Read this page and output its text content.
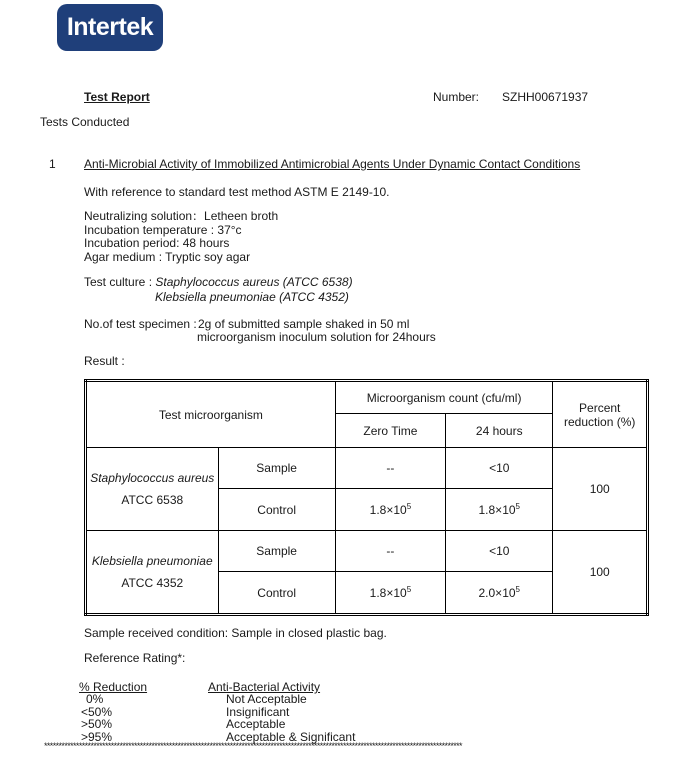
Intertek
Test Report	Number: SZHH00671937
Tests Conducted
1 Anti-Microbial Activity of Immobilized Antimicrobial Agents Under Dynamic Contact Conditions
With reference to standard test method ASTM E 2149-10.
Neutralizing solution：Letheen broth
Incubation temperature : 37°c
Incubation period: 48 hours
Agar medium : Tryptic soy agar
Test culture : Staphylococcus aureus (ATCC 6538)
Klebsiella pneumoniae (ATCC 4352)
No.of test specimen : 2g of submitted sample shaked in 50 ml
microorganism inoculum solution for 24hours
Result :
Test microorganism		Microorganism count (cfu/ml)		Percent
reduction (%)

		Zero Time	24 hours	

Staphylococcus aureus
ATCC 6538	Sample	--	<10	100
	Control	$1.8\times 10^5$	$1.8\times 10^5$

Klebsiella pneumoniae
ATCC 4352	Sample	--	<10	100
	Control	$1.8\times 10^5$	$2.0\times 10^5$
Sample received condition: Sample in closed plastic bag.
Reference Rating*:
% Reduction	Anti-Bacterial Activity
0%	Not Acceptable
<50%	Insignificant
>50%	Acceptable
>95%	Acceptable & Significant
************************************************************************************************************************************************
